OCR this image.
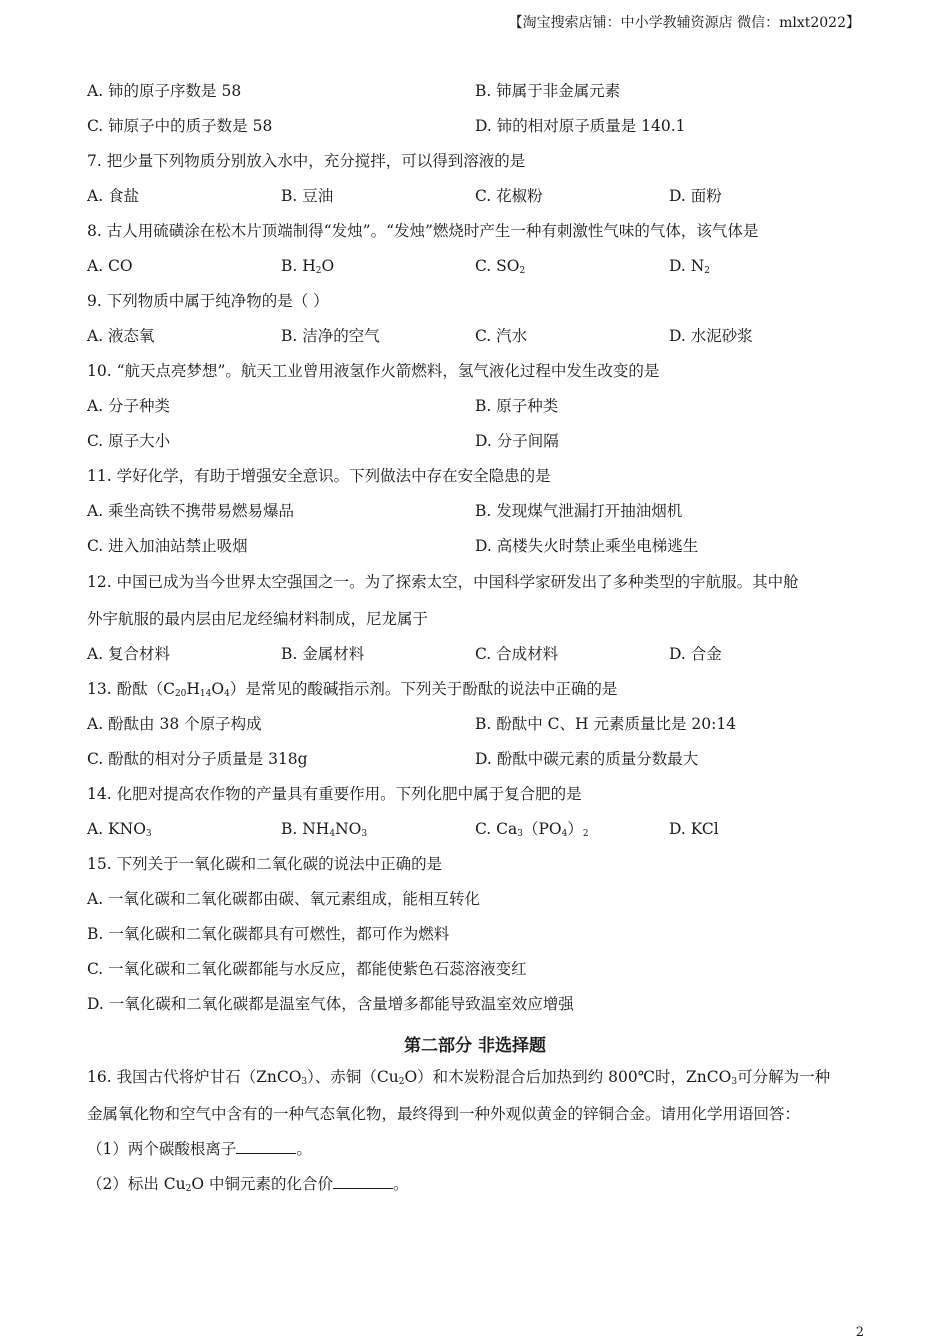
【淘宝搜索店铺：中小学教辅资源店 微信：mlxt2022】
A. 铈的原子序数是 58	B. 铈属于非金属元素
C. 铈原子中的质子数是 58	D. 铈的相对原子质量是 140.1
7. 把少量下列物质分别放入水中，充分搅拌，可以得到溶液的是
A. 食盐	B. 豆油	C. 花椒粉	D. 面粉
8. 古人用硫磺涂在松木片顶端制得“发烛”。“发烛”燃烧时产生一种有刺激性气味的气体，该气体是
A. CO	B. $H_2O$	C. $SO_2$	D. $N_2$
9. 下列物质中属于纯净物的是（ ）
A. 液态氧	B. 洁净的空气	C. 汽水	D. 水泥砂浆
10. “航天点亮梦想”。航天工业曾用液氢作火箭燃料，氢气液化过程中发生改变的是
A. 分子种类	B. 原子种类
C. 原子大小	D. 分子间隔
11. 学好化学，有助于增强安全意识。下列做法中存在安全隐患的是
A. 乘坐高铁不携带易燃易爆品	B. 发现煤气泄漏打开抽油烟机
C. 进入加油站禁止吸烟	D. 高楼失火时禁止乘坐电梯逃生
12. 中国已成为当今世界太空强国之一。为了探索太空，中国科学家研发出了多种类型的宇航服。其中舱
外宇航服的最内层由尼龙经编材料制成，尼龙属于
A. 复合材料	B. 金属材料	C. 合成材料	D. 合金
13. 酚酞$(C_{20}H_{14}O_4)$是常见的酸碱指示剂。下列关于酚酞的说法中正确的是
A. 酚酞由 38 个原子构成	B. 酚酞中 C、H 元素质量比是 20:14
C. 酚酞的相对分子质量是 318g	D. 酚酞中碳元素的质量分数最大
14. 化肥对提高农作物的产量具有重要作用。下列化肥中属于复合肥的是
A. $KNO_3$	B. $NH_4NO_3$	C. $Ca_3(PO_4)_2$	D. KCl
15. 下列关于一氧化碳和二氧化碳的说法中正确的是
A. 一氧化碳和二氧化碳都由碳、氧元素组成，能相互转化
B. 一氧化碳和二氧化碳都具有可燃性，都可作为燃料
C. 一氧化碳和二氧化碳都能与水反应，都能使紫色石蕊溶液变红
D. 一氧化碳和二氧化碳都是温室气体，含量增多都能导致温室效应增强
第二部分 非选择题
16. 我国古代将炉甘石（ZnCO$_3$）、赤铜$(Cu_2O)$和木炭粉混合后加热到约 800℃时，ZnCO$_3$可分解为一种
金属氧化物和空气中含有的一种气态氧化物，最终得到一种外观似黄金的锌铜合金。请用化学用语回答：
（1）两个碳酸根离子	。
（2）标出 $Cu_2O$ 中铜元素的化合价	。
2
